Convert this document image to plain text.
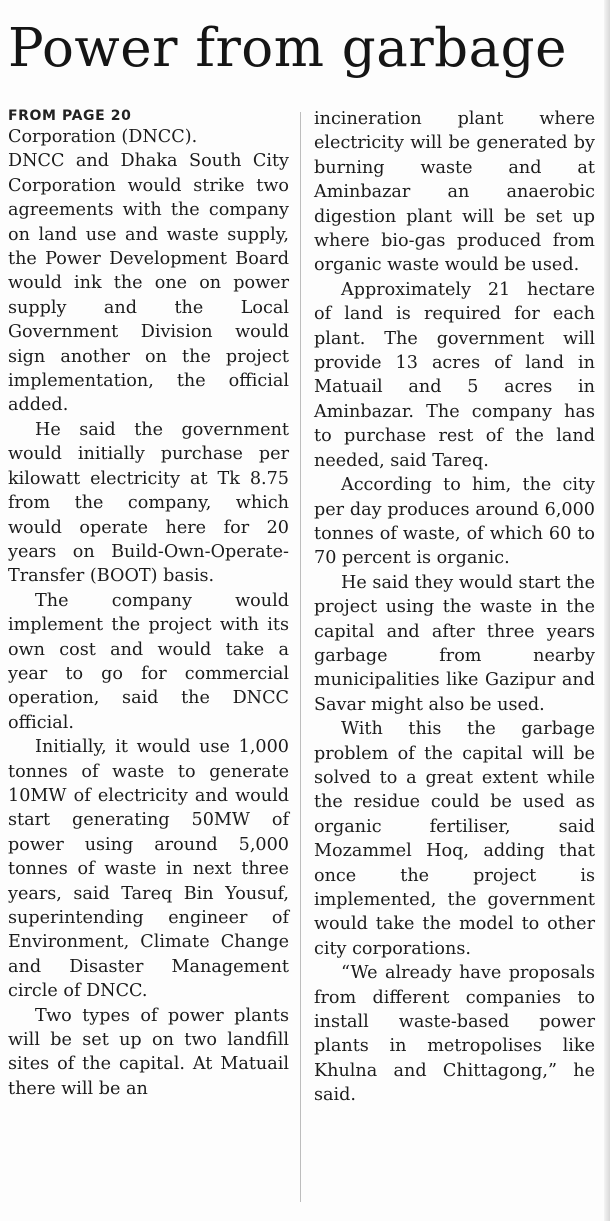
Power from garbage
FROM PAGE 20

Corporation (DNCC).

DNCC and Dhaka South City Corporation would strike two agreements with the company on land use and waste supply, the Power Development Board would ink the one on power supply and the Local Government Division would sign another on the project implementation, the official added.

He said the government would initially purchase per kilowatt electricity at Tk 8.75 from the company, which would operate here for 20 years on Build-Own-Operate-Transfer (BOOT) basis.

The company would implement the project with its own cost and would take a year to go for commercial operation, said the DNCC official.

Initially, it would use 1,000 tonnes of waste to generate 10MW of electricity and would start generating 50MW of power using around 5,000 tonnes of waste in next three years, said Tareq Bin Yousuf, superintending engineer of Environment, Climate Change and Disaster Management circle of DNCC.

Two types of power plants will be set up on two landfill sites of the capital. At Matuail there will be an

incineration plant where electricity will be generated by burning waste and at Aminbazar an anaerobic digestion plant will be set up where bio-gas produced from organic waste would be used.

Approximately 21 hectare of land is required for each plant. The government will provide 13 acres of land in Matuail and 5 acres in Aminbazar. The company has to purchase rest of the land needed, said Tareq.

According to him, the city per day produces around 6,000 tonnes of waste, of which 60 to 70 percent is organic.

He said they would start the project using the waste in the capital and after three years garbage from nearby municipalities like Gazipur and Savar might also be used.

With this the garbage problem of the capital will be solved to a great extent while the residue could be used as organic fertiliser, said Mozammel Hoq, adding that once the project is implemented, the government would take the model to other city corporations.

“We already have proposals from different companies to install waste-based power plants in metropolises like Khulna and Chittagong,” he said.
